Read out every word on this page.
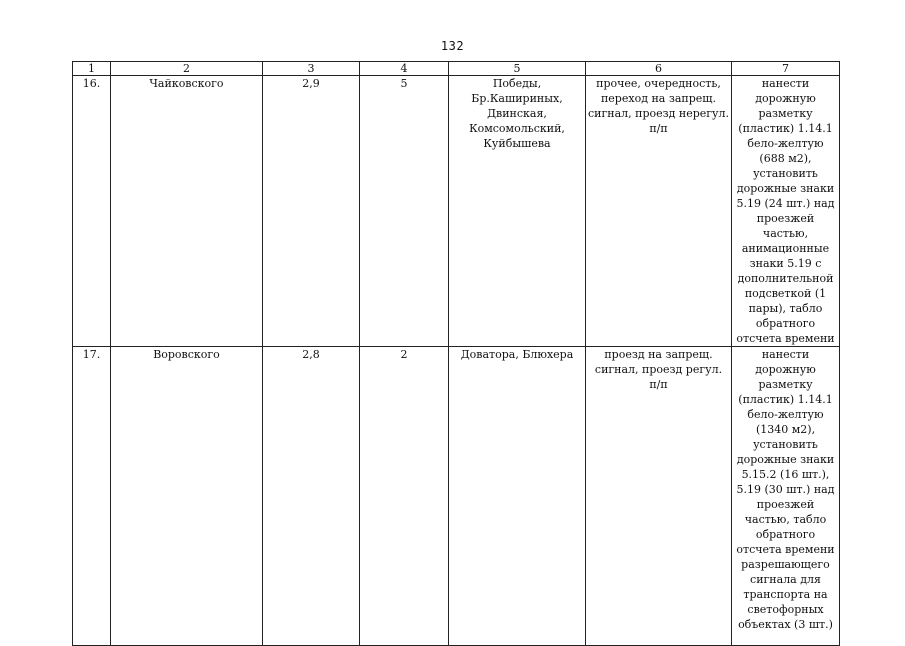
132
1	2	3	4	5	6	7
16.	Чайковского	2,9	5	Победы, Бр.Кашириных, Двинская, Комсомольский, Куйбышева	прочее, очередность, переход на запрещ. сигнал, проезд нерегул. п/п	нанести дорожную разметку (пластик) 1.14.1 бело-желтую (688 м2), установить дорожные знаки 5.19 (24 шт.) над проезжей частью, анимационные знаки 5.19 с дополнительной подсветкой (1 пары), табло обратного отсчета времени
17.	Воровского	2,8	2	Доватора, Блюхера	проезд на запрещ. сигнал, проезд регул. п/п	нанести дорожную разметку (пластик) 1.14.1 бело-желтую (1340 м2), установить дорожные знаки 5.15.2 (16 шт.), 5.19 (30 шт.) над проезжей частью, табло обратного отсчета времени разрешающего сигнала для транспорта на светофорных объектах (3 шт.)
